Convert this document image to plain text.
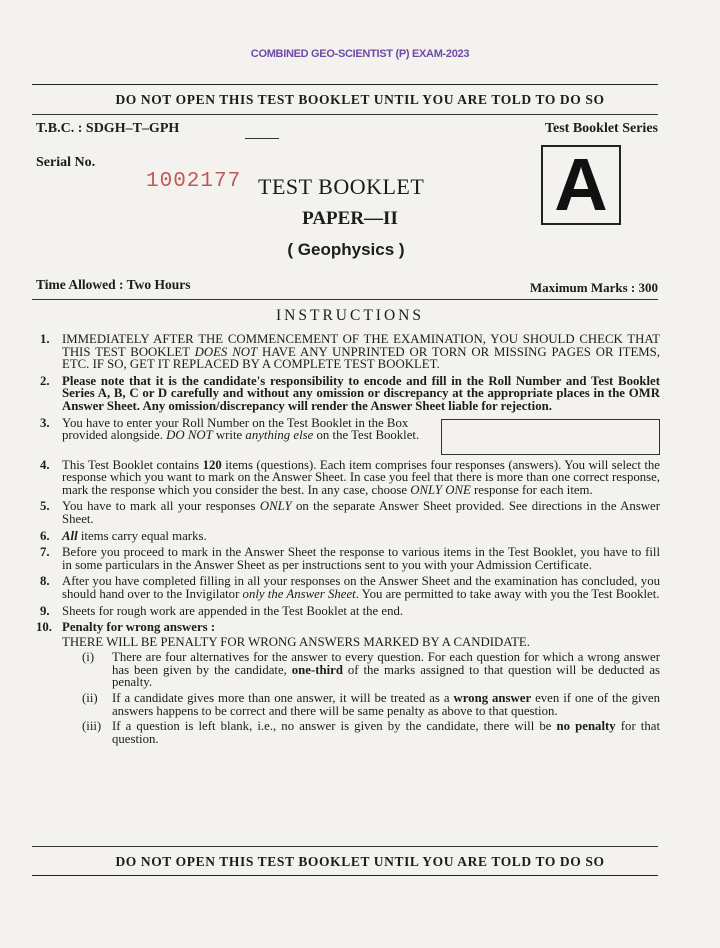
COMBINED GEO-SCIENTIST (P) EXAM-2023
DO NOT OPEN THIS TEST BOOKLET UNTIL YOU ARE TOLD TO DO SO
T.B.C. : SDGH–T–GPH	Test Booklet Series
Serial No.
1002177 TEST BOOKLET A
PAPER—II
( Geophysics )
Time Allowed : Two Hours	Maximum Marks : 300
INSTRUCTIONS
1. IMMEDIATELY AFTER THE COMMENCEMENT OF THE EXAMINATION, YOU SHOULD CHECK THAT THIS TEST BOOKLET DOES NOT HAVE ANY UNPRINTED OR TORN OR MISSING PAGES OR ITEMS, ETC. IF SO, GET IT REPLACED BY A COMPLETE TEST BOOKLET.
2. Please note that it is the candidate's responsibility to encode and fill in the Roll Number and Test Booklet Series A, B, C or D carefully and without any omission or discrepancy at the appropriate places in the OMR Answer Sheet. Any omission/discrepancy will render the Answer Sheet liable for rejection.
3. You have to enter your Roll Number on the Test Booklet in the Box provided alongside. DO NOT write anything else on the Test Booklet.
4. This Test Booklet contains 120 items (questions). Each item comprises four responses (answers). You will select the response which you want to mark on the Answer Sheet. In case you feel that there is more than one correct response, mark the response which you consider the best. In any case, choose ONLY ONE response for each item.
5. You have to mark all your responses ONLY on the separate Answer Sheet provided. See directions in the Answer Sheet.
6. All items carry equal marks.
7. Before you proceed to mark in the Answer Sheet the response to various items in the Test Booklet, you have to fill in some particulars in the Answer Sheet as per instructions sent to you with your Admission Certificate.
8. After you have completed filling in all your responses on the Answer Sheet and the examination has concluded, you should hand over to the Invigilator only the Answer Sheet. You are permitted to take away with you the Test Booklet.
9. Sheets for rough work are appended in the Test Booklet at the end.
10. Penalty for wrong answers :
THERE WILL BE PENALTY FOR WRONG ANSWERS MARKED BY A CANDIDATE.
(i) There are four alternatives for the answer to every question. For each question for which a wrong answer has been given by the candidate, one-third of the marks assigned to that question will be deducted as penalty.
(ii) If a candidate gives more than one answer, it will be treated as a wrong answer even if one of the given answers happens to be correct and there will be same penalty as above to that question.
(iii) If a question is left blank, i.e., no answer is given by the candidate, there will be no penalty for that question.
DO NOT OPEN THIS TEST BOOKLET UNTIL YOU ARE TOLD TO DO SO
